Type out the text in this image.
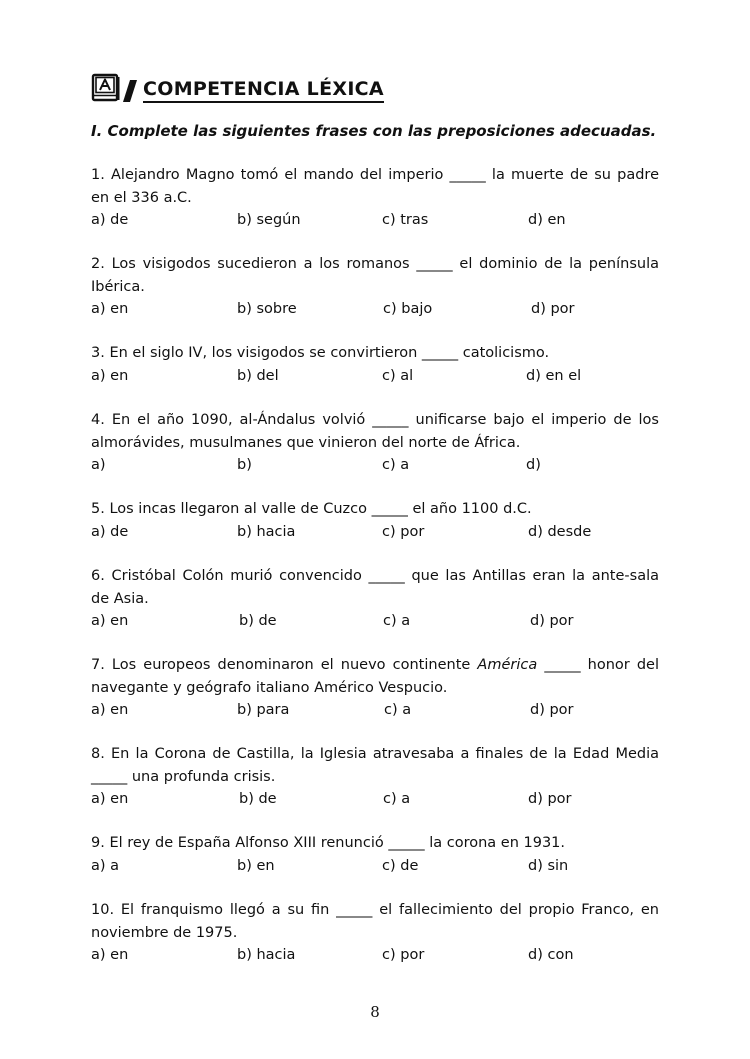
COMPETENCIA LÉXICA
I. Complete las siguientes frases con las preposiciones adecuadas.
1. Alejandro Magno tomó el mando del imperio _____ la muerte de su padre en el 336 a.C.
a) de	b) según	c) tras	d) en
2. Los visigodos sucedieron a los romanos _____ el dominio de la península Ibérica.
a) en	b) sobre	c) bajo	d) por
3. En el siglo IV, los visigodos se convirtieron _____ catolicismo.
a) en	b) del	c) al	d) en el
4. En el año 1090, al-Ándalus volvió _____ unificarse bajo el imperio de los almorávides, musulmanes que vinieron del norte de África.
a)	b)	c) a	d)
5. Los incas llegaron al valle de Cuzco _____ el año 1100 d.C.
a) de	b) hacia	c) por	d) desde
6. Cristóbal Colón murió convencido _____ que las Antillas eran la ante-sala de Asia.
a) en	b) de	c) a	d) por
7. Los europeos denominaron el nuevo continente América _____ honor del navegante y geógrafo italiano Américo Vespucio.
a) en	b) para	c) a	d) por
8. En la Corona de Castilla, la Iglesia atravesaba a finales de la Edad Media _____ una profunda crisis.
a) en	b) de	c) a	d) por
9. El rey de España Alfonso XIII renunció _____ la corona en 1931.
a) a	b) en	c) de	d) sin
10. El franquismo llegó a su fin _____ el fallecimiento del propio Franco, en noviembre de 1975.
a) en	b) hacia	c) por	d) con
8
